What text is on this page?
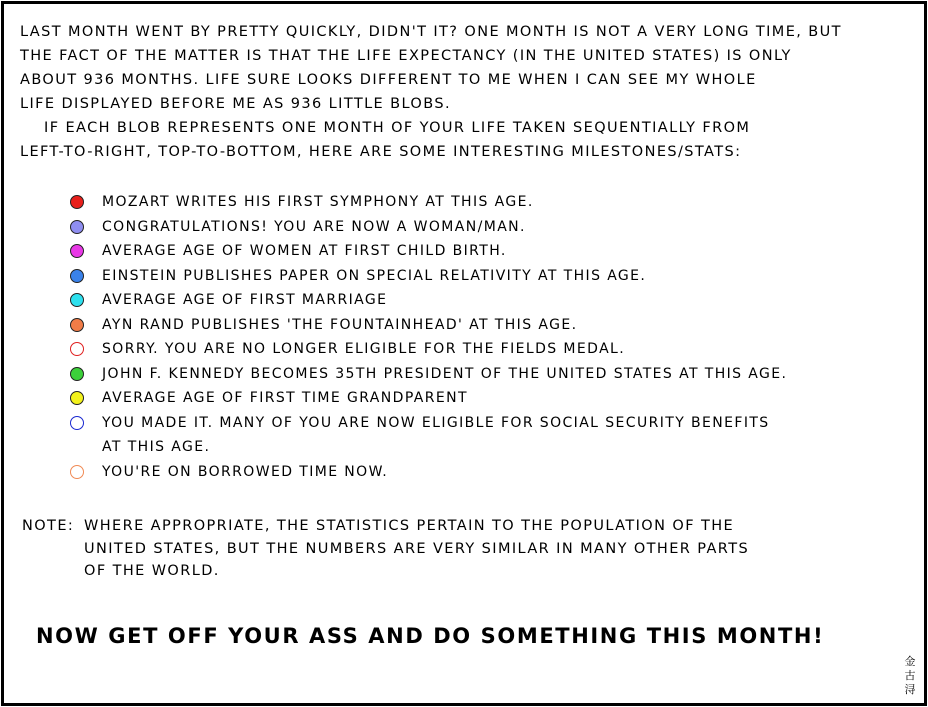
LAST MONTH WENT BY PRETTY QUICKLY, DIDN'T IT? ONE MONTH IS NOT A VERY LONG TIME, BUT
THE FACT OF THE MATTER IS THAT THE LIFE EXPECTANCY (IN THE UNITED STATES) IS ONLY
ABOUT 936 MONTHS. LIFE SURE LOOKS DIFFERENT TO ME WHEN I CAN SEE MY WHOLE
LIFE DISPLAYED BEFORE ME AS 936 LITTLE BLOBS.
IF EACH BLOB REPRESENTS ONE MONTH OF YOUR LIFE TAKEN SEQUENTIALLY FROM
LEFT-TO-RIGHT, TOP-TO-BOTTOM, HERE ARE SOME INTERESTING MILESTONES/STATS:
MOZART WRITES HIS FIRST SYMPHONY AT THIS AGE.
CONGRATULATIONS! YOU ARE NOW A WOMAN/MAN.
AVERAGE AGE OF WOMEN AT FIRST CHILD BIRTH.
EINSTEIN PUBLISHES PAPER ON SPECIAL RELATIVITY AT THIS AGE.
AVERAGE AGE OF FIRST MARRIAGE
AYN RAND PUBLISHES 'THE FOUNTAINHEAD' AT THIS AGE.
SORRY. YOU ARE NO LONGER ELIGIBLE FOR THE FIELDS MEDAL.
JOHN F. KENNEDY BECOMES 35TH PRESIDENT OF THE UNITED STATES AT THIS AGE.
AVERAGE AGE OF FIRST TIME GRANDPARENT
YOU MADE IT. MANY OF YOU ARE NOW ELIGIBLE FOR SOCIAL SECURITY BENEFITS
AT THIS AGE.
YOU'RE ON BORROWED TIME NOW.
NOTE: WHERE APPROPRIATE, THE STATISTICS PERTAIN TO THE POPULATION OF THE
UNITED STATES, BUT THE NUMBERS ARE VERY SIMILAR IN MANY OTHER PARTS
OF THE WORLD.
NOW GET OFF YOUR ASS AND DO SOMETHING THIS MONTH!
金古浔
